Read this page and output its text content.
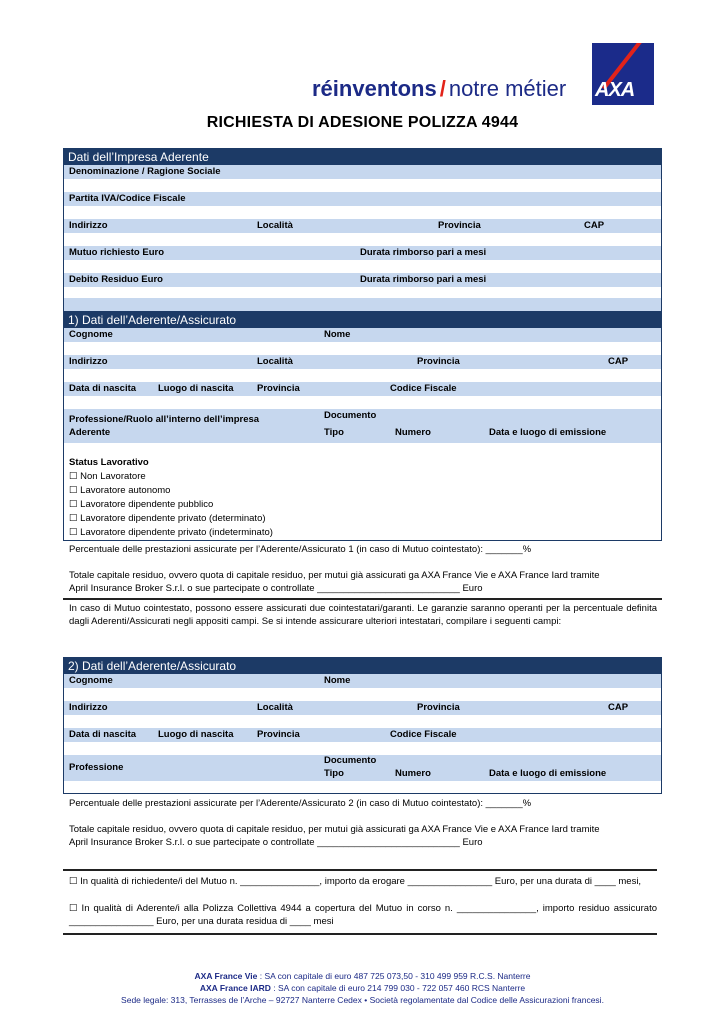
réinventons / notre métier AXA
RICHIESTA DI ADESIONE POLIZZA 4944
Dati dell’Impresa Aderente
Denominazione / Ragione Sociale
Partita IVA/Codice Fiscale
Indirizzo	Località	Provincia	CAP
Mutuo richiesto Euro	Durata rimborso pari a mesi
Debito Residuo Euro	Durata rimborso pari a mesi
1) Dati dell’Aderente/Assicurato
Cognome	Nome
Indirizzo	Località	Provincia	CAP
Data di nascita Luogo di nascita Provincia	Codice Fiscale
Professione/Ruolo all’interno dell’impresa
Aderente
Documento
Tipo	Numero	Data e luogo di emissione
Status Lavorativo
☐ Non Lavoratore
☐ Lavoratore autonomo
☐ Lavoratore dipendente pubblico
☐ Lavoratore dipendente privato (determinato)
☐ Lavoratore dipendente privato (indeterminato)
Percentuale delle prestazioni assicurate per l’Aderente/Assicurato 1 (in caso di Mutuo cointestato): _______%
Totale capitale residuo, ovvero quota di capitale residuo, per mutui già assicurati ga AXA France Vie e AXA France Iard tramite
April Insurance Broker S.r.l. o sue partecipate o controllate ___________________________ Euro
In caso di Mutuo cointestato, possono essere assicurati due cointestatari/garanti. Le garanzie saranno operanti per la percentuale definita dagli Aderenti/Assicurati negli appositi campi. Se si intende assicurare ulteriori intestatari, compilare i seguenti campi:
2) Dati dell’Aderente/Assicurato
Cognome	Nome
Indirizzo	Località	Provincia	CAP
Data di nascita Luogo di nascita Provincia	Codice Fiscale
Professione
Documento
Tipo	Numero	Data e luogo di emissione
Percentuale delle prestazioni assicurate per l’Aderente/Assicurato 2 (in caso di Mutuo cointestato): _______%
Totale capitale residuo, ovvero quota di capitale residuo, per mutui già assicurati ga AXA France Vie e AXA France Iard tramite
April Insurance Broker S.r.l. o sue partecipate o controllate ___________________________ Euro
☐ In qualità di richiedente/i del Mutuo n. _______________, importo da erogare ________________ Euro, per una durata di ____ mesi,
☐ In qualità di Aderente/i alla Polizza Collettiva 4944 a copertura del Mutuo in corso n. _______________, importo residuo assicurato ________________ Euro, per una durata residua di ____ mesi
AXA France Vie : SA con capitale di euro 487 725 073,50 - 310 499 959 R.C.S. Nanterre
AXA France IARD : SA con capitale di euro 214 799 030 - 722 057 460 RCS Nanterre
Sede legale: 313, Terrasses de l’Arche – 92727 Nanterre Cedex • Società regolamentate dal Codice delle Assicurazioni francesi.
